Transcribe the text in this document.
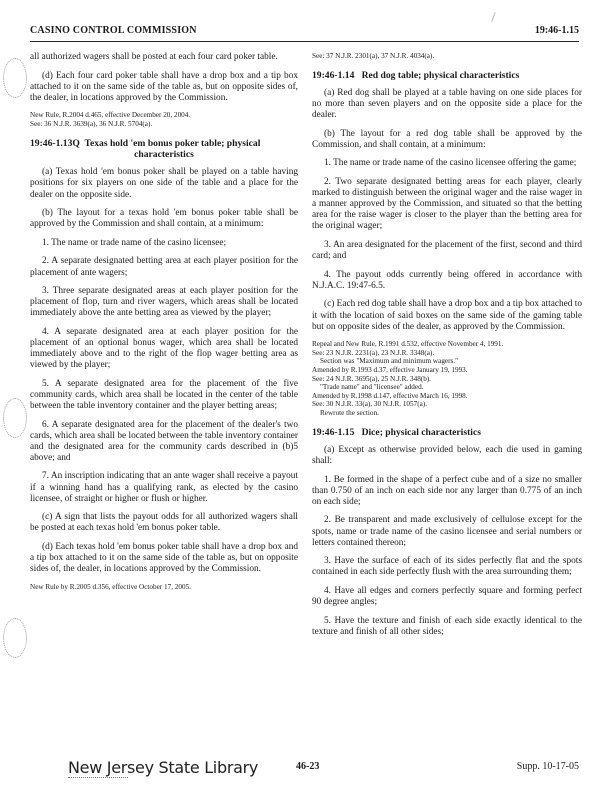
CASINO CONTROL COMMISSION	19:46-1.15

all authorized wagers shall be posted at each four card poker table.

(d) Each four card poker table shall have a drop box and a tip box attached to it on the same side of the table as, but on opposite sides of, the dealer, in locations approved by the Commission.

New Rule, R.2004 d.465, effective December 20, 2004.
See: 36 N.J.R. 3639(a), 36 N.J.R. 5704(a).
19:46-1.13Q Texas hold 'em bonus poker table; physical
characteristics

(a) Texas hold 'em bonus poker shall be played on a table having positions for six players on one side of the table and a place for the dealer on the opposite side.

(b) The layout for a texas hold 'em bonus poker table shall be approved by the Commission and shall contain, at a minimum:

1. The name or trade name of the casino licensee;

2. A separate designated betting area at each player position for the placement of ante wagers;

3. Three separate designated areas at each player position for the placement of flop, turn and river wagers, which areas shall be located immediately above the ante betting area as viewed by the player;

4. A separate designated area at each player position for the placement of an optional bonus wager, which area shall be located immediately above and to the right of the flop wager betting area as viewed by the player;

5. A separate designated area for the placement of the five community cards, which area shall be located in the center of the table between the table inventory container and the player betting areas;

6. A separate designated area for the placement of the dealer's two cards, which area shall be located between the table inventory container and the designated area for the community cards described in (b)5 above; and

7. An inscription indicating that an ante wager shall receive a payout if a winning hand has a qualifying rank, as elected by the casino licensee, of straight or higher or flush or higher.

(c) A sign that lists the payout odds for all authorized wagers shall be posted at each texas hold 'em bonus poker table.

(d) Each texas hold 'em bonus poker table shall have a drop box and a tip box attached to it on the same side of the table as, but on opposite sides of, the dealer, in locations approved by the Commission.

New Rule by R.2005 d.356, effective October 17, 2005.
See: 37 N.J.R. 2301(a), 37 N.J.R. 4034(a).
19:46-1.14 Red dog table; physical characteristics

(a) Red dog shall be played at a table having on one side places for no more than seven players and on the opposite side a place for the dealer.

(b) The layout for a red dog table shall be approved by the Commission, and shall contain, at a minimum:

1. The name or trade name of the casino licensee offering the game;

2. Two separate designated betting areas for each player, clearly marked to distinguish between the original wager and the raise wager in a manner approved by the Commission, and situated so that the betting area for the raise wager is closer to the player than the betting area for the original wager;

3. An area designated for the placement of the first, second and third card; and

4. The payout odds currently being offered in accordance with N.J.A.C. 19:47-6.5.

(c) Each red dog table shall have a drop box and a tip box attached to it with the location of said boxes on the same side of the gaming table but on opposite sides of the dealer, as approved by the Commission.

Repeal and New Rule, R.1991 d.532, effective November 4, 1991.
See: 23 N.J.R. 2231(a), 23 N.J.R. 3348(a).
Section was "Maximum and minimum wagers."
Amended by R.1993 d.37, effective January 19, 1993.
See: 24 N.J.R. 3695(a), 25 N.J.R. 348(b).
"Trade name" and "licensee" added.
Amended by R.1998 d.147, effective March 16, 1998.
See: 30 N.J.R. 33(a), 30 N.J.R. 1057(a).
Rewrote the section.
19:46-1.15 Dice; physical characteristics

(a) Except as otherwise provided below, each die used in gaming shall:

1. Be formed in the shape of a perfect cube and of a size no smaller than 0.750 of an inch on each side nor any larger than 0.775 of an inch on each side;

2. Be transparent and made exclusively of cellulose except for the spots, name or trade name of the casino licensee and serial numbers or letters contained thereon;

3. Have the surface of each of its sides perfectly flat and the spots contained in each side perfectly flush with the area surrounding them;

4. Have all edges and corners perfectly square and forming perfect 90 degree angles;

5. Have the texture and finish of each side exactly identical to the texture and finish of all other sides;

New Jersey State Library	46-23	Supp. 10-17-05
